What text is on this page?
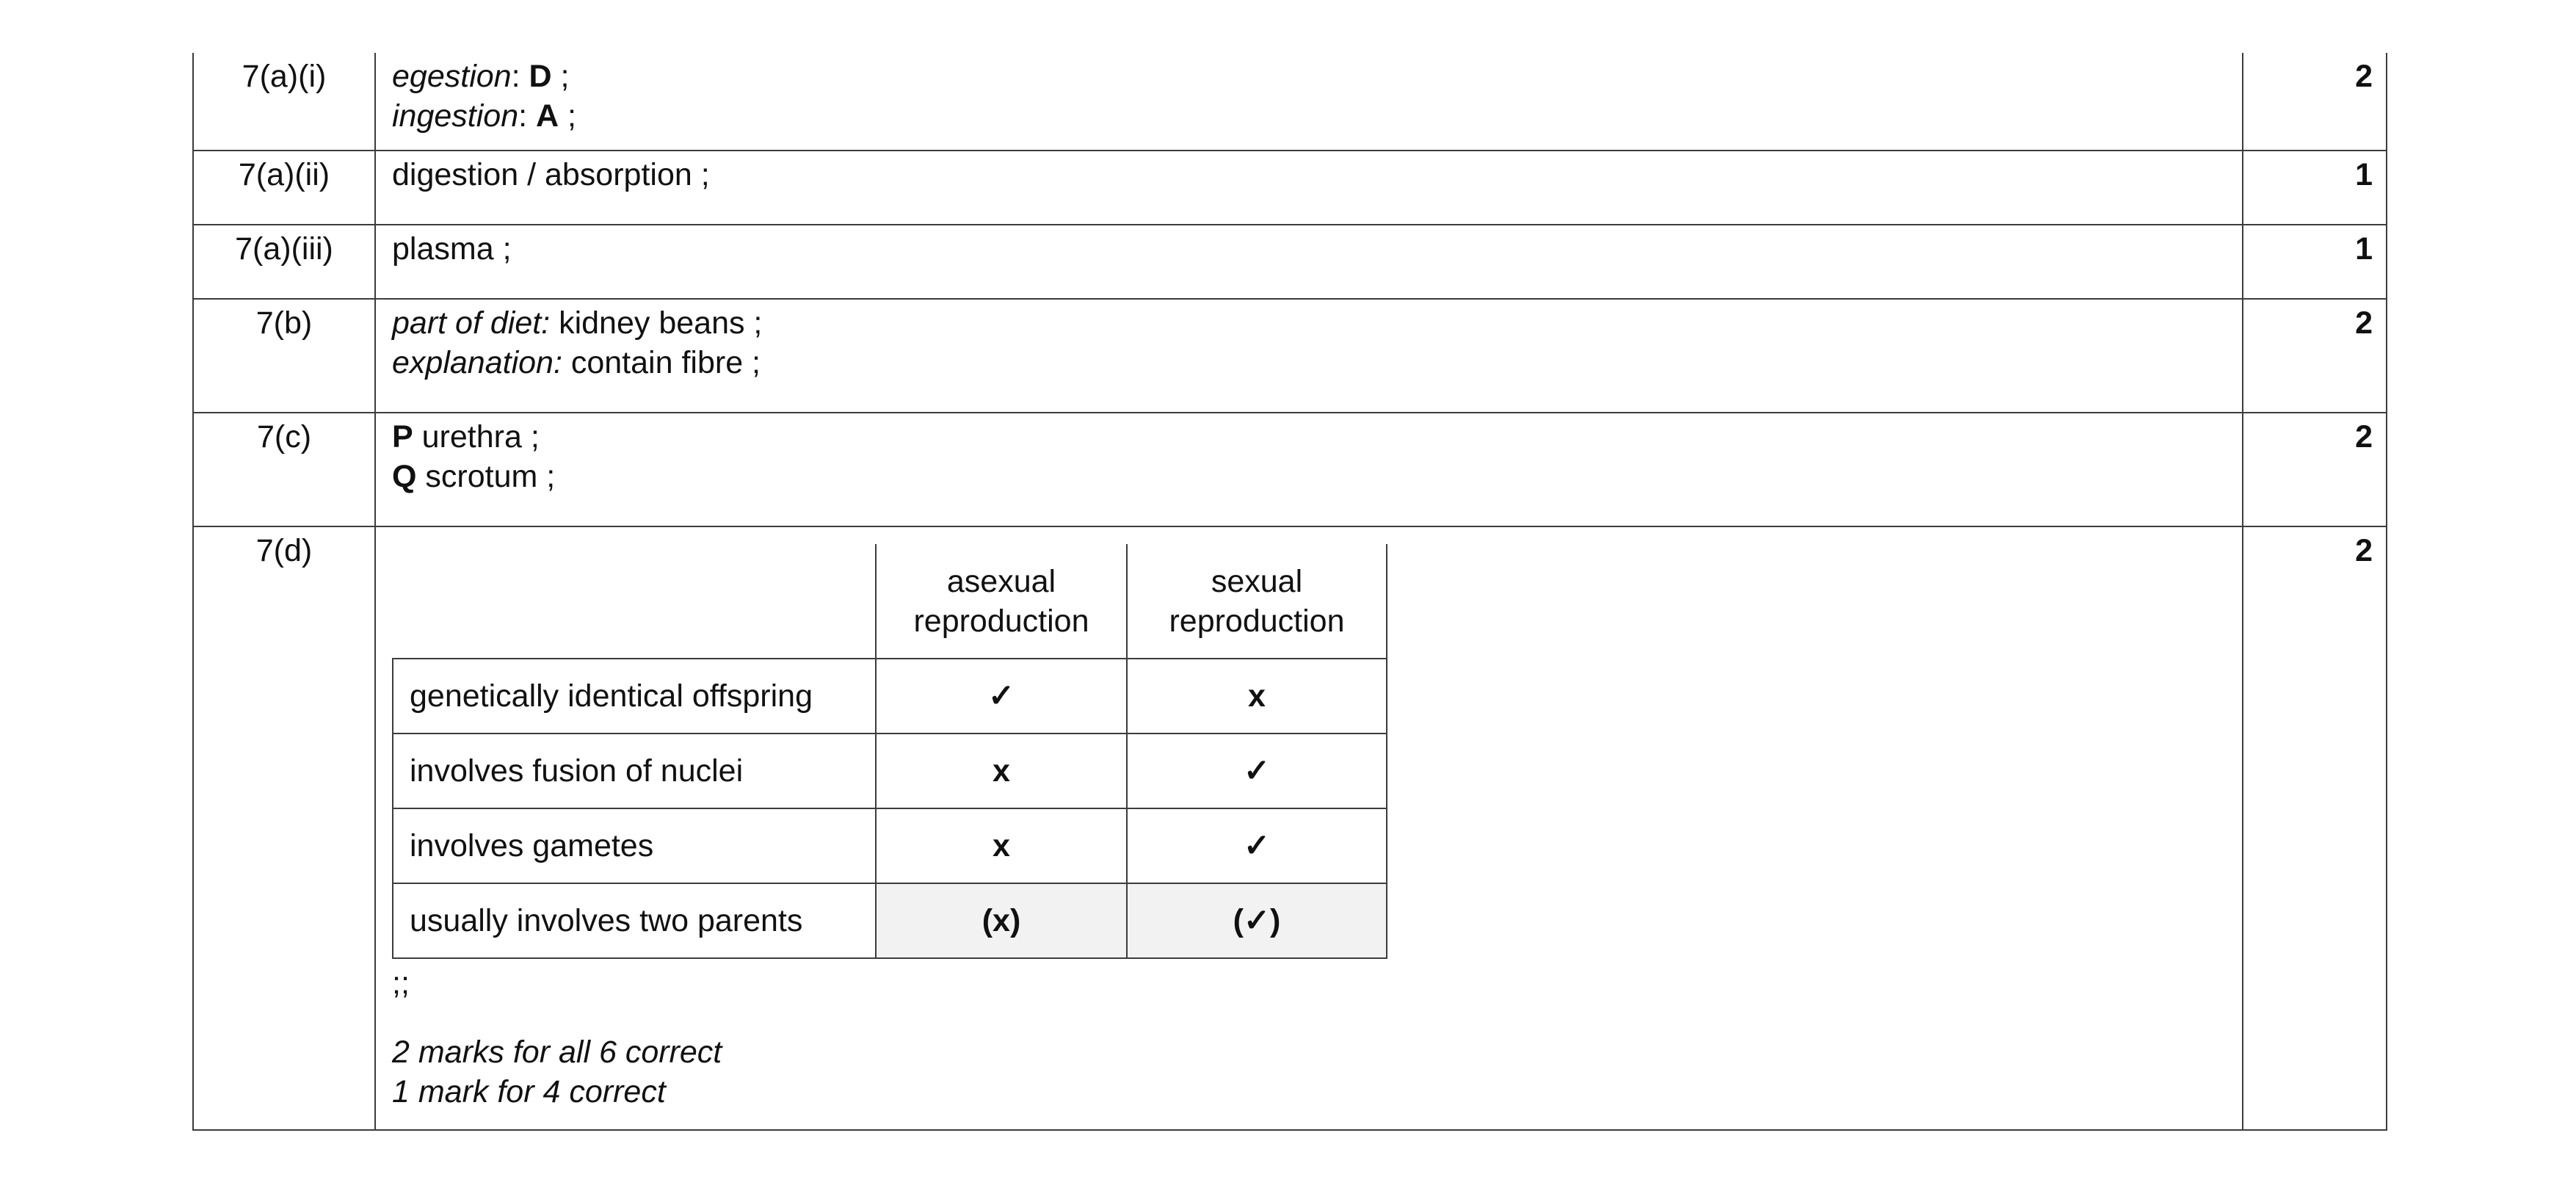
7(a)(i)	egestion: D ;
ingestion: A ;
	2
7(a)(ii)	digestion / absorption ;	1
7(a)(iii)	plasma ;	1
7(b)	part of diet: kidney beans ;
explanation: contain fibre ;
	2
7(c)	P urethra ;
Q scrotum ;
	2
7(d)	
	asexual reproduction	sexual reproduction
genetically identical offspring	✓	x
involves fusion of nuclei	x	✓
involves gametes	x	✓
usually involves two parents	(x)	(✓)
;;
2 marks for all 6 correct
1 mark for 4 correct
	2
